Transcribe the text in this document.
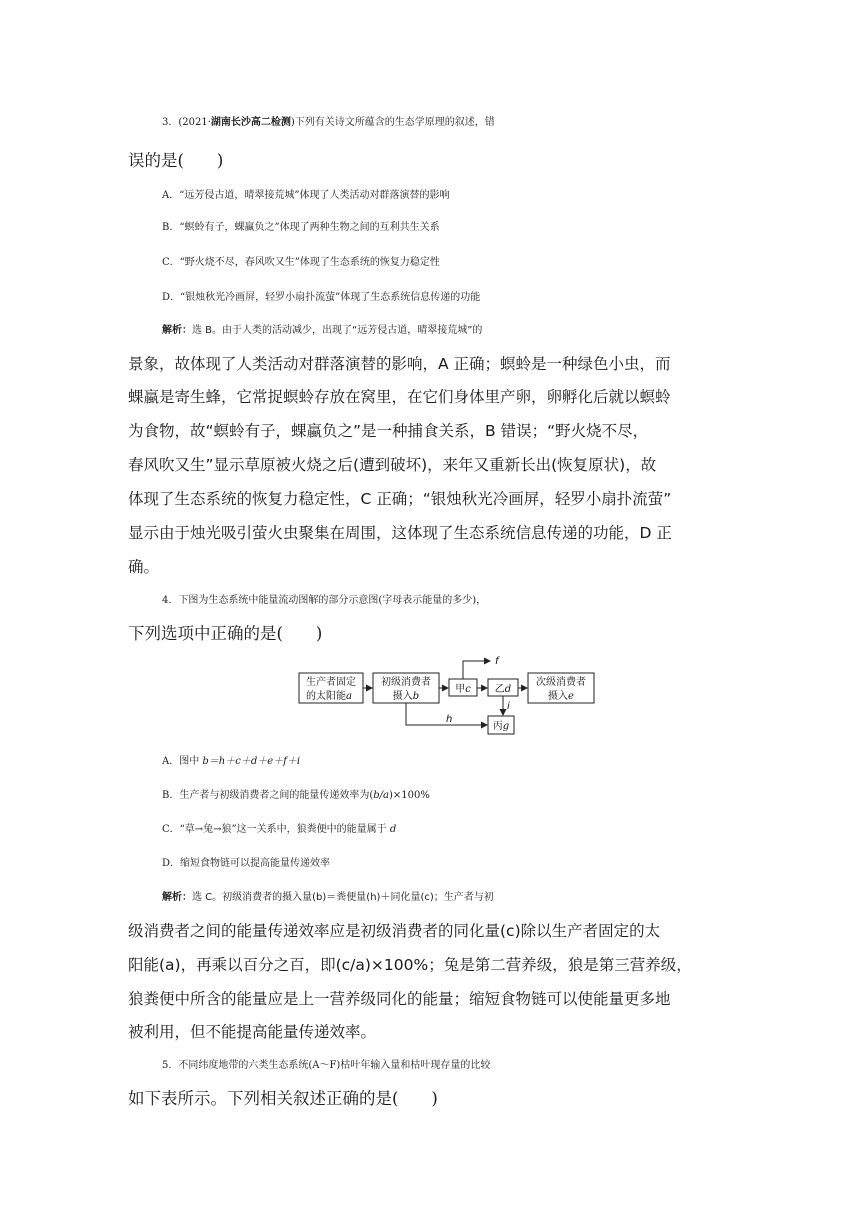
3．(2021·湖南长沙高二检测)下列有关诗文所蕴含的生态学原理的叙述，错
误的是(　　)
A．“远芳侵古道，晴翠接荒城”体现了人类活动对群落演替的影响
B．“螟蛉有子，蜾蠃负之”体现了两种生物之间的互利共生关系
C．“野火烧不尽，春风吹又生”体现了生态系统的恢复力稳定性
D．“银烛秋光冷画屏，轻罗小扇扑流萤”体现了生态系统信息传递的功能
解析：选 B。由于人类的活动减少，出现了“远芳侵古道，晴翠接荒城”的
景象，故体现了人类活动对群落演替的影响，A 正确；螟蛉是一种绿色小虫，而
蜾蠃是寄生蜂，它常捉螟蛉存放在窝里，在它们身体里产卵，卵孵化后就以螟蛉
为食物，故“螟蛉有子，蜾蠃负之”是一种捕食关系，B 错误；“野火烧不尽，
春风吹又生”显示草原被火烧之后(遭到破坏)，来年又重新长出(恢复原状)，故
体现了生态系统的恢复力稳定性，C 正确；“银烛秋光冷画屏，轻罗小扇扑流萤”
显示由于烛光吸引萤火虫聚集在周围，这体现了生态系统信息传递的功能，D 正
确。
4．下图为生态系统中能量流动图解的部分示意图(字母表示能量的多少)，
下列选项中正确的是(　　)
生产者固定
的太阳能a
初级消费者
摄入b
甲c 乙d
次级消费者
摄入e
丙g
f
h
i
A．图中 b＝h＋c＋d＋e＋f＋i
B．生产者与初级消费者之间的能量传递效率为(b/a)×100%
C．“草→兔→狼”这一关系中，狼粪便中的能量属于 d
D．缩短食物链可以提高能量传递效率
解析：选 C。初级消费者的摄入量(b)＝粪便量(h)＋同化量(c)；生产者与初
级消费者之间的能量传递效率应是初级消费者的同化量(c)除以生产者固定的太
阳能(a)，再乘以百分之百，即(c/a)×100%；兔是第二营养级，狼是第三营养级，
狼粪便中所含的能量应是上一营养级同化的能量；缩短食物链可以使能量更多地
被利用，但不能提高能量传递效率。
5．不同纬度地带的六类生态系统(A～F)枯叶年输入量和枯叶现存量的比较
如下表所示。下列相关叙述正确的是(　　)
